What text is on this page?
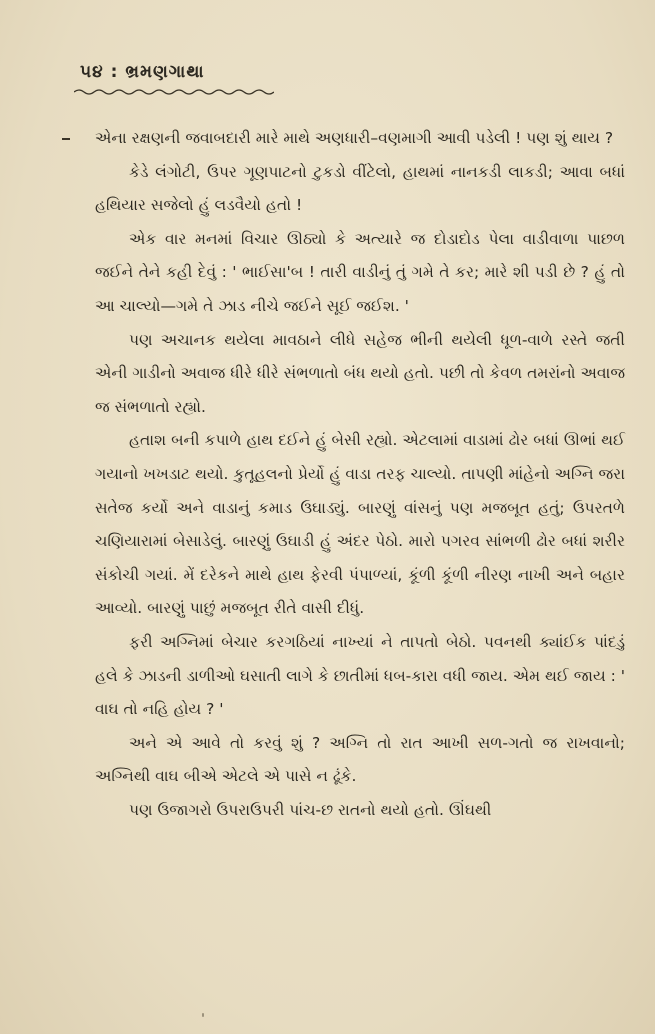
૫૪ : ભ્રમણગાથા

એના રક્ષણની જવાબદારી મારે માથે અણધારી–વણમાગી આવી પડેલી ! પણ શું થાય ?

કેડે લંગોટી, ઉપર ગૂણપાટનો ટુકડો વીંટેલો, હાથમાં નાનકડી લાકડી; આવા બધાં હથિયાર સજેલો હું લડવૈયો હતો !

એક વાર મનમાં વિચાર ઊઠ્યો કે અત્યારે જ દોડાદોડ પેલા વાડીવાળા પાછળ જઈને તેને કહી દેવું : ' ભાઈસા'બ ! તારી વાડીનું તું ગમે તે કર; મારે શી પડી છે ? હું તો આ ચાલ્યો—ગમે તે ઝાડ નીચે જઈને સૂઈ જઈશ. '

પણ અચાનક થયેલા માવઠાને લીધે સહેજ ભીની થયેલી ધૂળ-વાળે રસ્તે જતી એની ગાડીનો અવાજ ધીરે ધીરે સંભળાતો બંધ થયો હતો. પછી તો કેવળ તમરાંનો અવાજ જ સંભળાતો રહ્યો.

હતાશ બની કપાળે હાથ દઈને હું બેસી રહ્યો. એટલામાં વાડામાં ઢોર બધાં ઊભાં થઈ ગયાનો ખખડાટ થયો. કુતૂહલનો પ્રેર્યો હું વાડા તરફ ચાલ્યો. તાપણી માંહેનો અગ્નિ જરા સતેજ કર્યો અને વાડાનું કમાડ ઉઘાડ્યું. બારણું વાંસનું પણ મજબૂત હતું; ઉપરતળે ચણિયારામાં બેસાડેલું. બારણું ઉઘાડી હું અંદર પેઠો. મારો પગરવ સાંભળી ઢોર બધાં શરીર સંકોચી ગયાં. મેં દરેકને માથે હાથ ફેરવી પંપાળ્યાં, કૂંળી કૂંળી નીરણ નાખી અને બહાર આવ્યો. બારણું પાછું મજબૂત રીતે વાસી દીધું.

ફરી અગ્નિમાં બેચાર કરગઠિયાં નાખ્યાં ને તાપતો બેઠો. પવનથી ક્યાંઈક પાંદડું હલે કે ઝાડની ડાળીઓ ઘસાતી લાગે કે છાતીમાં ધબ-કારા વધી જાય. એમ થઈ જાય : ' વાઘ તો નહિ હોય ? '

અને એ આવે તો કરવું શું ? અગ્નિ તો રાત આખી સળ-ગતો જ રાખવાનો; અગ્નિથી વાઘ બીએ એટલે એ પાસે ન ઢૂંકે.

પણ ઉજાગરો ઉપરાઉપરી પાંચ-છ રાતનો થયો હતો. ઊંઘથી
